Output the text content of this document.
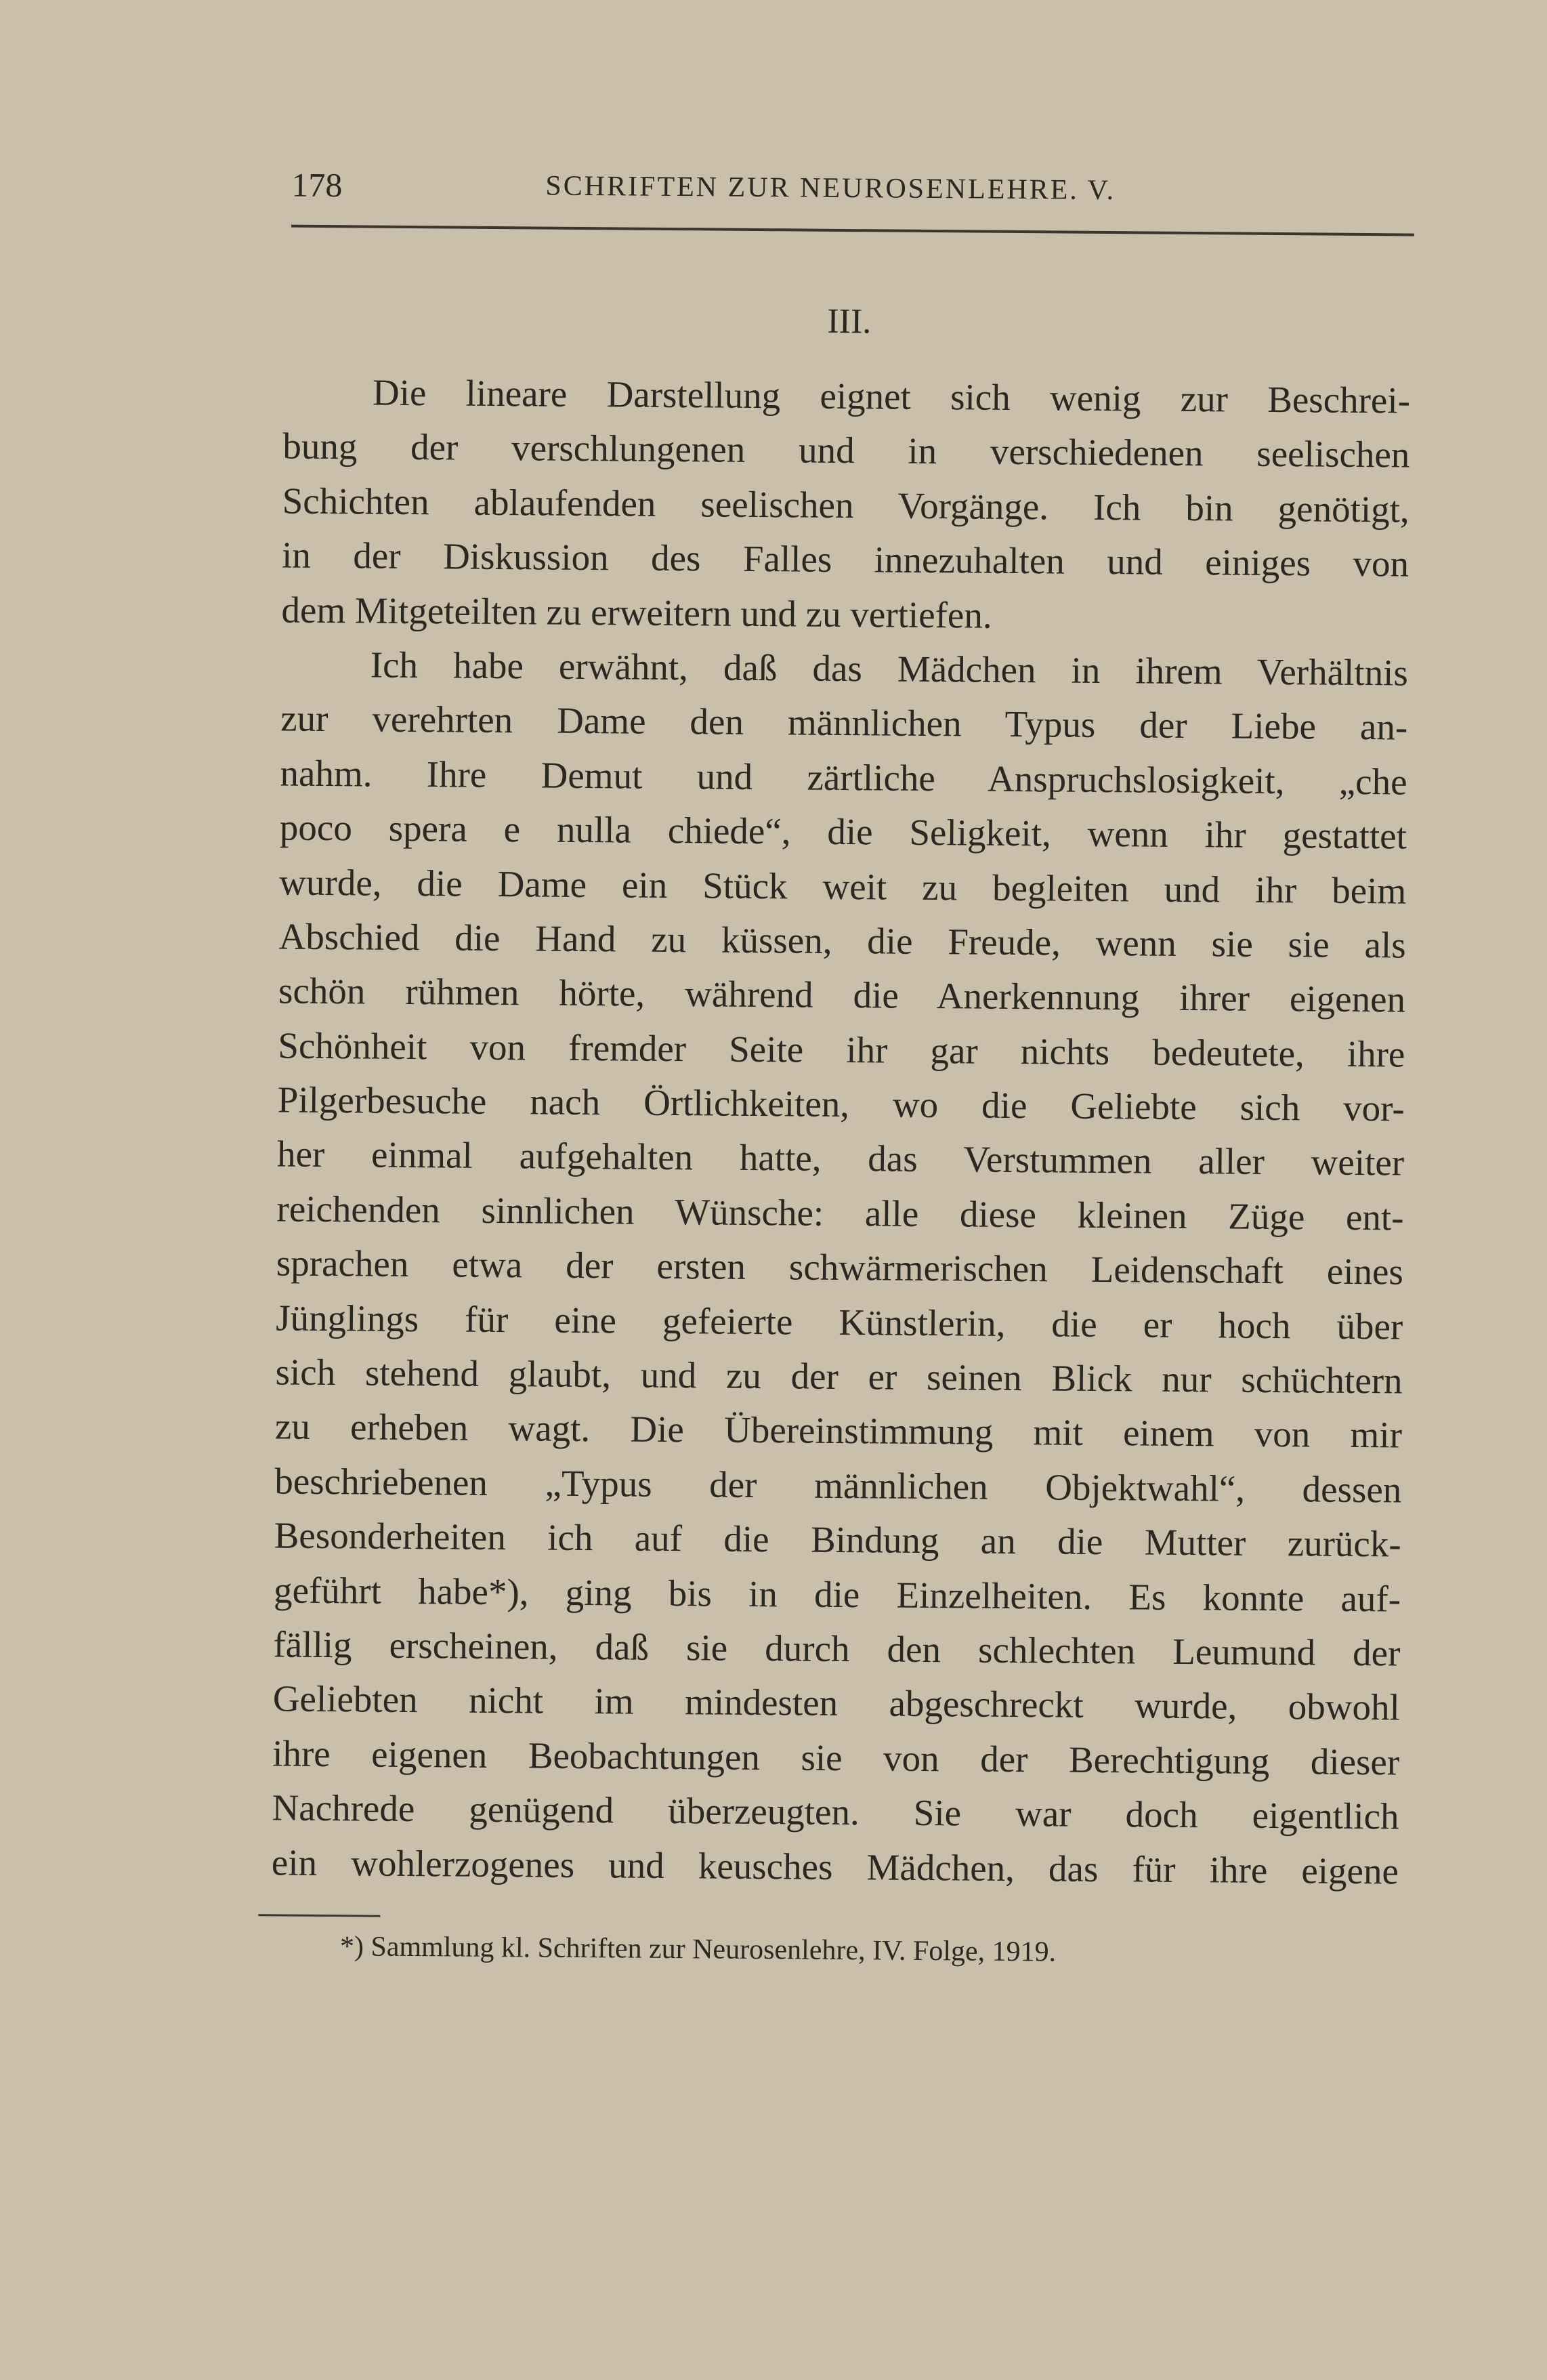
178	SCHRIFTEN ZUR NEUROSENLEHRE. V.
III.
Die lineare Darstellung eignet sich wenig zur Beschrei-
bung der verschlungenen und in verschiedenen seelischen
Schichten ablaufenden seelischen Vorgänge. Ich bin genötigt,
in der Diskussion des Falles innezuhalten und einiges von
dem Mitgeteilten zu erweitern und zu vertiefen.
Ich habe erwähnt, daß das Mädchen in ihrem Verhältnis
zur verehrten Dame den männlichen Typus der Liebe an-
nahm. Ihre Demut und zärtliche Anspruchslosigkeit, „che
poco spera e nulla chiede“, die Seligkeit, wenn ihr gestattet
wurde, die Dame ein Stück weit zu begleiten und ihr beim
Abschied die Hand zu küssen, die Freude, wenn sie sie als
schön rühmen hörte, während die Anerkennung ihrer eigenen
Schönheit von fremder Seite ihr gar nichts bedeutete, ihre
Pilgerbesuche nach Örtlichkeiten, wo die Geliebte sich vor-
her einmal aufgehalten hatte, das Verstummen aller weiter
reichenden sinnlichen Wünsche: alle diese kleinen Züge ent-
sprachen etwa der ersten schwärmerischen Leidenschaft eines
Jünglings für eine gefeierte Künstlerin, die er hoch über
sich stehend glaubt, und zu der er seinen Blick nur schüchtern
zu erheben wagt. Die Übereinstimmung mit einem von mir
beschriebenen „Typus der männlichen Objektwahl“, dessen
Besonderheiten ich auf die Bindung an die Mutter zurück-
geführt habe*), ging bis in die Einzelheiten. Es konnte auf-
fällig erscheinen, daß sie durch den schlechten Leumund der
Geliebten nicht im mindesten abgeschreckt wurde, obwohl
ihre eigenen Beobachtungen sie von der Berechtigung dieser
Nachrede genügend überzeugten. Sie war doch eigentlich
ein wohlerzogenes und keusches Mädchen, das für ihre eigene
*) Sammlung kl. Schriften zur Neurosenlehre, IV. Folge, 1919.
